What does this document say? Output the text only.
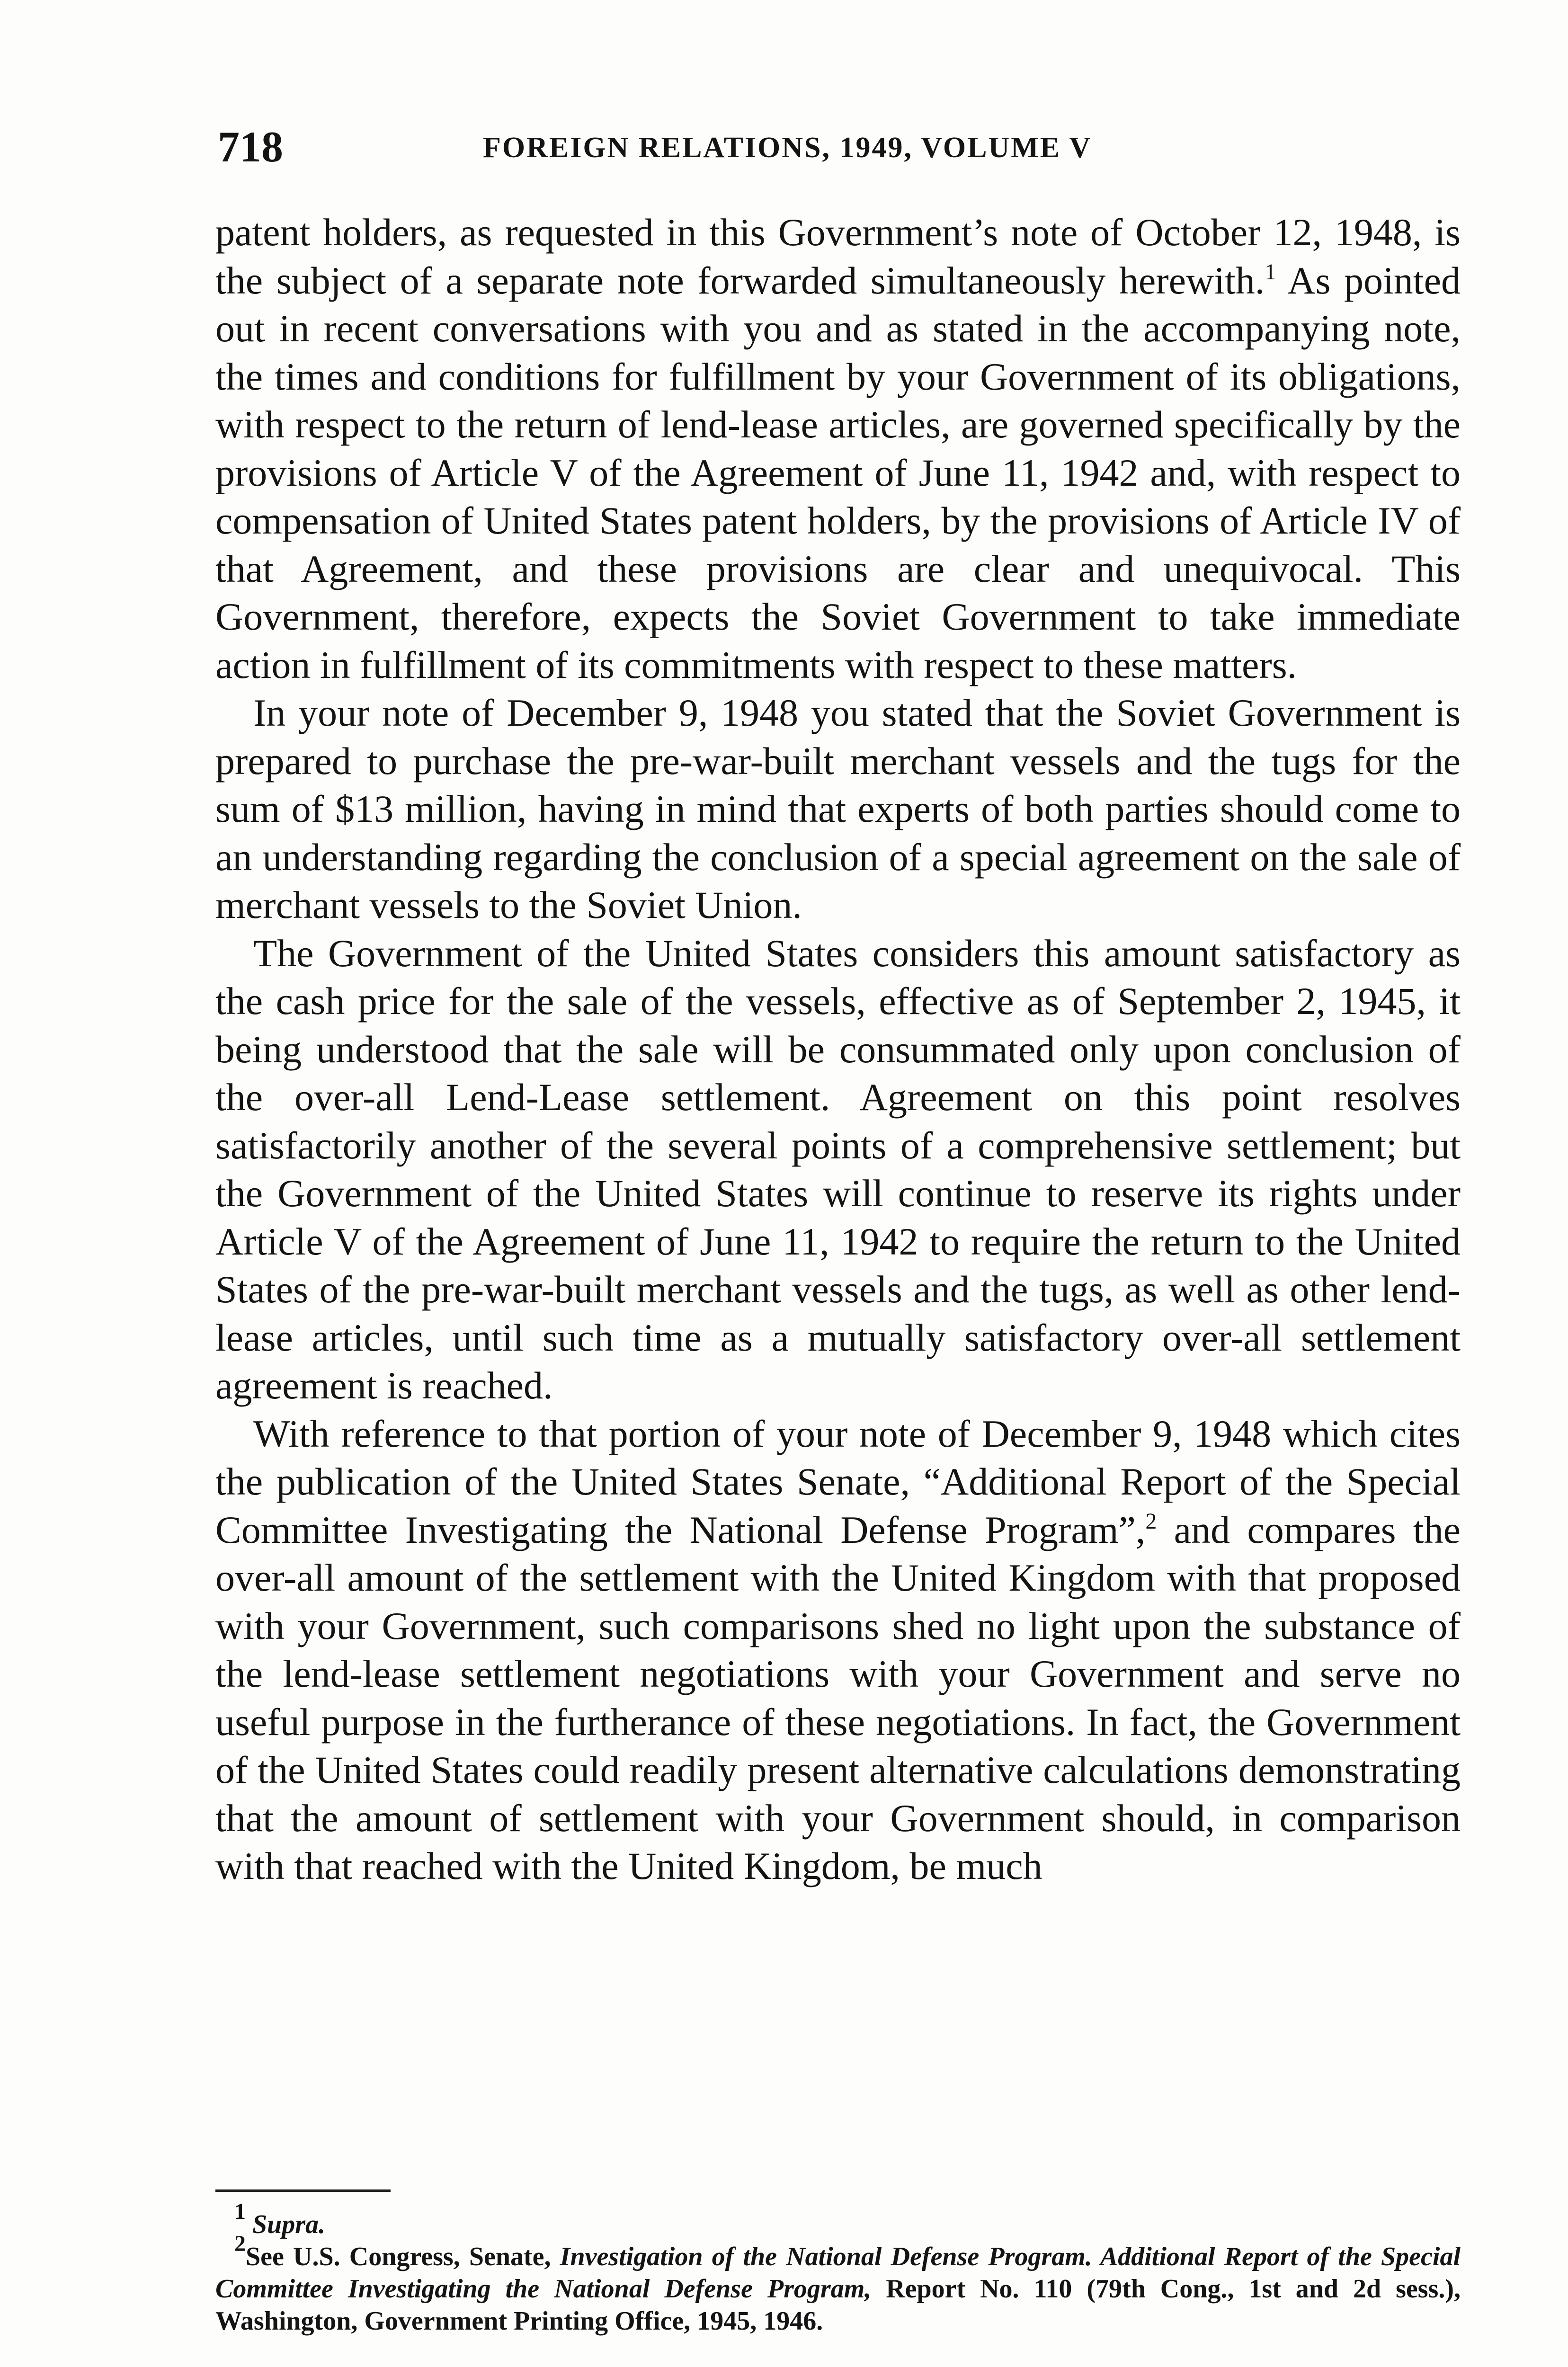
718	FOREIGN RELATIONS, 1949, VOLUME V

patent holders, as requested in this Government’s note of October 12, 1948, is the subject of a separate note forwarded simultaneously herewith.$^1$ As pointed out in recent conversations with you and as stated in the accompanying note, the times and conditions for fulfillment by your Government of its obligations, with respect to the return of lend-lease articles, are governed specifically by the provisions of Article V of the Agreement of June 11, 1942 and, with respect to compensation of United States patent holders, by the provisions of Article IV of that Agreement, and these provisions are clear and unequivocal. This Government, therefore, expects the Soviet Government to take immediate action in fulfillment of its commitments with respect to these matters.

In your note of December 9, 1948 you stated that the Soviet Government is prepared to purchase the pre-war-built merchant vessels and the tugs for the sum of $13 million, having in mind that experts of both parties should come to an understanding regarding the conclusion of a special agreement on the sale of merchant vessels to the Soviet Union.

The Government of the United States considers this amount satisfactory as the cash price for the sale of the vessels, effective as of September 2, 1945, it being understood that the sale will be consummated only upon conclusion of the over-all Lend-Lease settlement. Agreement on this point resolves satisfactorily another of the several points of a comprehensive settlement; but the Government of the United States will continue to reserve its rights under Article V of the Agreement of June 11, 1942 to require the return to the United States of the pre-war-built merchant vessels and the tugs, as well as other lend-lease articles, until such time as a mutually satisfactory over-all settlement agreement is reached.

With reference to that portion of your note of December 9, 1948 which cites the publication of the United States Senate, “Additional Report of the Special Committee Investigating the National Defense Program”,$^2$ and compares the over-all amount of the settlement with the United Kingdom with that proposed with your Government, such comparisons shed no light upon the substance of the lend-lease settlement negotiations with your Government and serve no useful purpose in the furtherance of these negotiations. In fact, the Government of the United States could readily present alternative calculations demonstrating that the amount of settlement with your Government should, in comparison with that reached with the United Kingdom, be much

$^1$ Supra.

$^2$See U.S. Congress, Senate, Investigation of the National Defense Program. Additional Report of the Special Committee Investigating the National Defense Program, Report No. 110 (79th Cong., 1st and 2d sess.), Washington, Government Printing Office, 1945, 1946.
